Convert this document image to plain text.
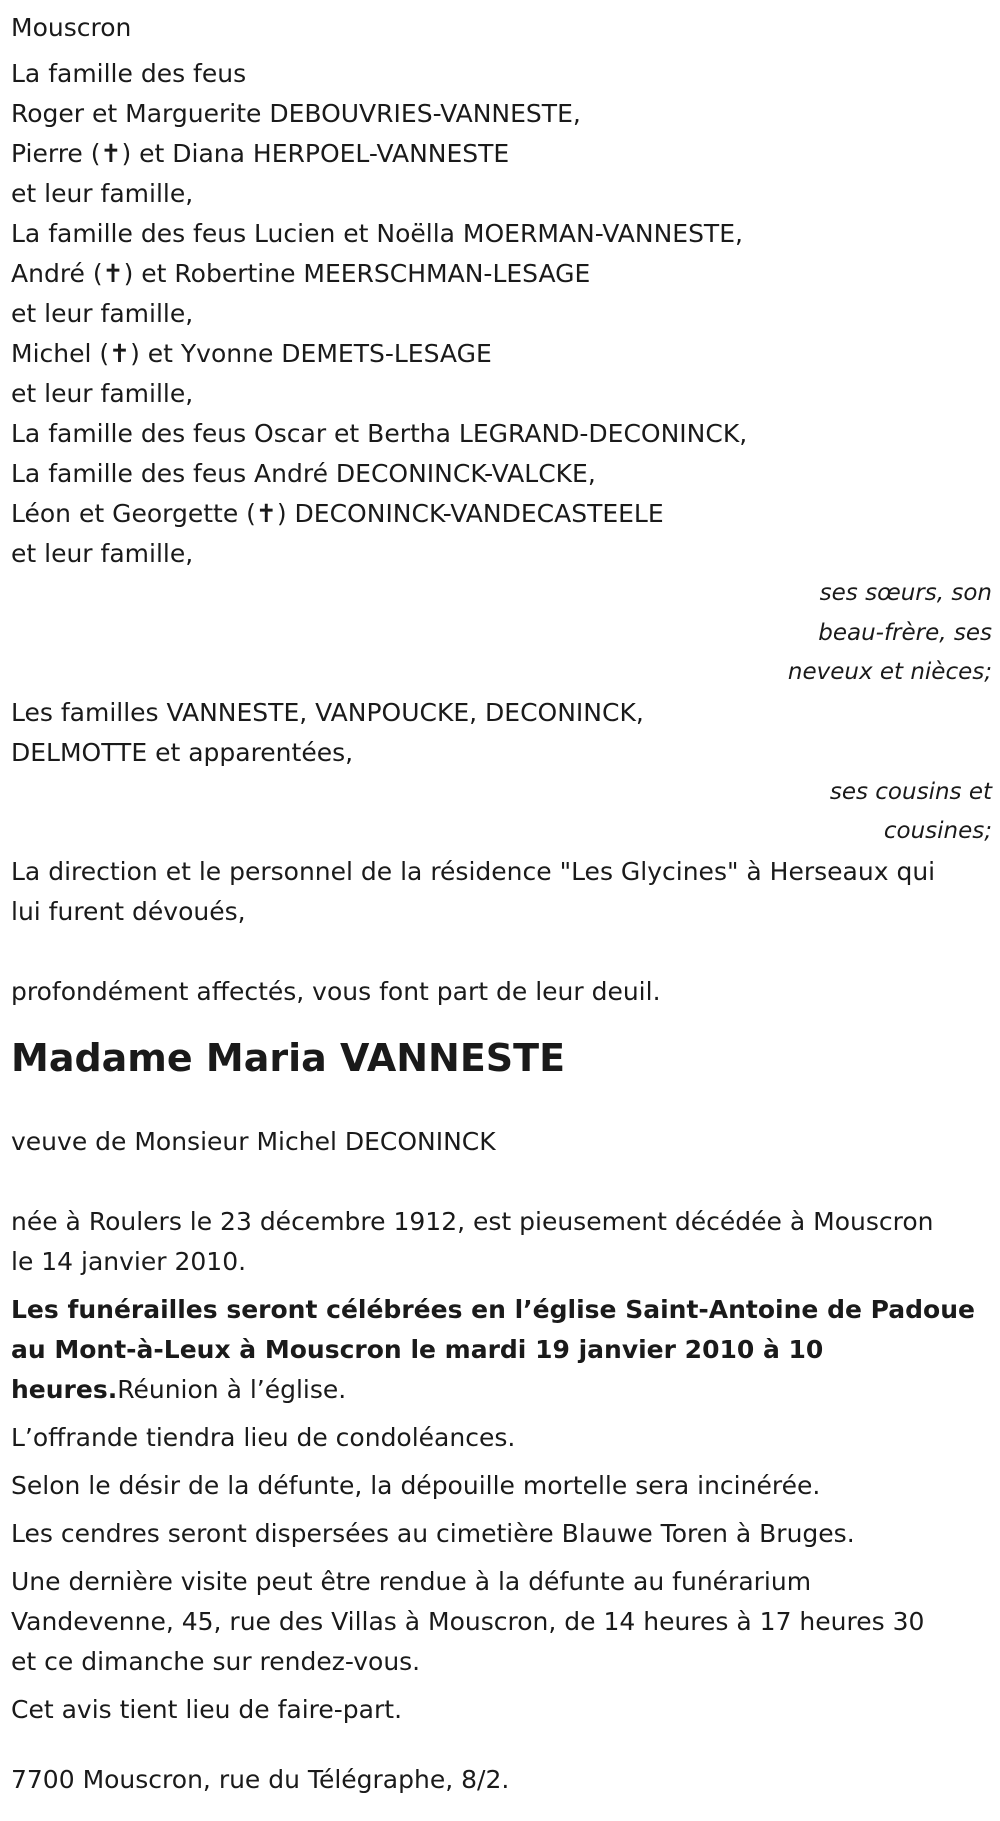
Mouscron
La famille des feus
Roger et Marguerite DEBOUVRIES-VANNESTE,
Pierre (✝) et Diana HERPOEL-VANNESTE
et leur famille,
La famille des feus Lucien et Noëlla MOERMAN-VANNESTE,
André (✝) et Robertine MEERSCHMAN-LESAGE
et leur famille,
Michel (✝) et Yvonne DEMETS-LESAGE
et leur famille,
La famille des feus Oscar et Bertha LEGRAND-DECONINCK,
La famille des feus André DECONINCK-VALCKE,
Léon et Georgette (✝) DECONINCK-VANDECASTEELE
et leur famille,
ses sœurs, son
beau-frère, ses
neveux et nièces;
Les familles VANNESTE, VANPOUCKE, DECONINCK,
DELMOTTE et apparentées,
ses cousins et
cousines;
La direction et le personnel de la résidence "Les Glycines" à Herseaux qui
lui furent dévoués,
profondément affectés, vous font part de leur deuil.
Madame Maria VANNESTE
veuve de Monsieur Michel DECONINCK
née à Roulers le 23 décembre 1912, est pieusement décédée à Mouscron
le 14 janvier 2010.
Les funérailles seront célébrées en l’église Saint-Antoine de Padoue
au Mont-à-Leux à Mouscron le mardi 19 janvier 2010 à 10
heures.Réunion à l’église.
L’offrande tiendra lieu de condoléances.
Selon le désir de la défunte, la dépouille mortelle sera incinérée.
Les cendres seront dispersées au cimetière Blauwe Toren à Bruges.
Une dernière visite peut être rendue à la défunte au funérarium
Vandevenne, 45, rue des Villas à Mouscron, de 14 heures à 17 heures 30
et ce dimanche sur rendez-vous.
Cet avis tient lieu de faire-part.
7700 Mouscron, rue du Télégraphe, 8/2.
